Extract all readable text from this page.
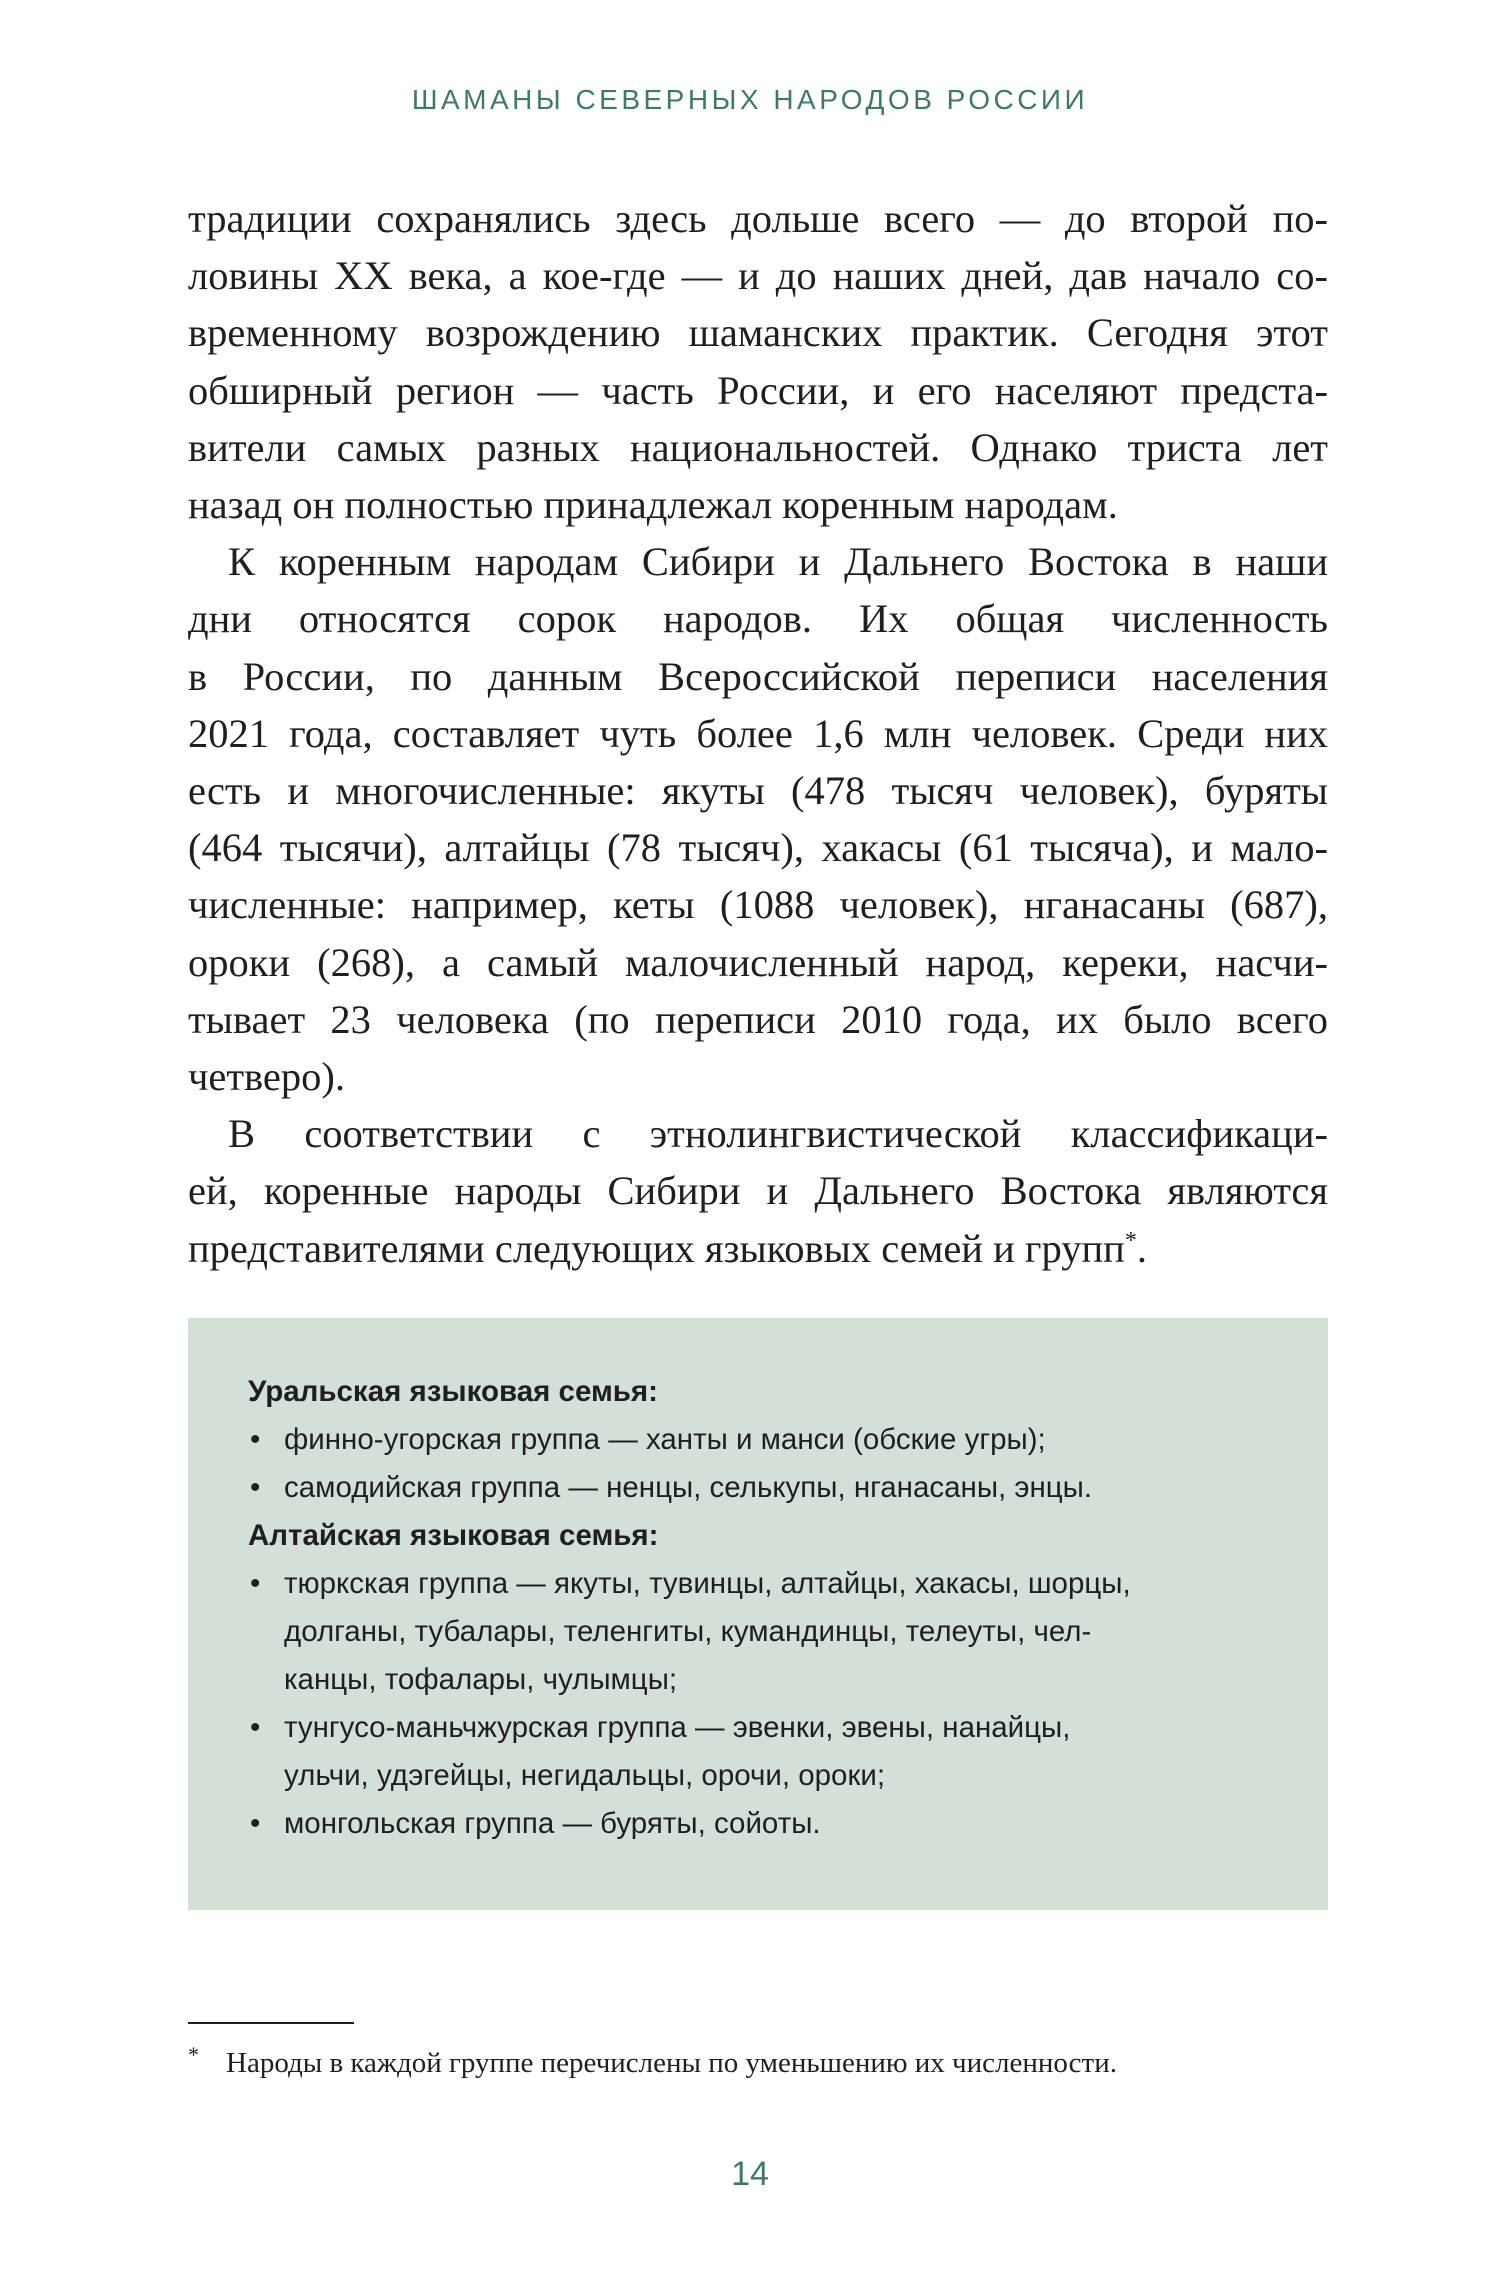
ШАМАНЫ СЕВЕРНЫХ НАРОДОВ РОССИИ

традиции сохранялись здесь дольше всего — до второй по-
ловины XX века, а кое-где — и до наших дней, дав начало со-
временному возрождению шаманских практик. Сегодня этот
обширный регион — часть России, и его населяют предста-
вители самых разных национальностей. Однако триста лет
назад он полностью принадлежал коренным народам.

К коренным народам Сибири и Дальнего Востока в наши
дни относятся сорок народов. Их общая численность
в России, по данным Всероссийской переписи населения
2021 года, составляет чуть более 1,6 млн человек. Среди них
есть и многочисленные: якуты (478 тысяч человек), буряты
(464 тысячи), алтайцы (78 тысяч), хакасы (61 тысяча), и мало-
численные: например, кеты (1088 человек), нганасаны (687),
ороки (268), а самый малочисленный народ, кереки, насчи-
тывает 23 человека (по переписи 2010 года, их было всего
четверо).

В соответствии с этнолингвистической классификаци-
ей, коренные народы Сибири и Дальнего Востока являются
представителями следующих языковых семей и групп*.

Уральская языковая семья:
• финно-угорская группа — ханты и манси (обские угры);
• самодийская группа — ненцы, селькупы, нганасаны, энцы.
Алтайская языковая семья:
• тюркская группа — якуты, тувинцы, алтайцы, хакасы, шорцы,
долганы, тубалары, теленгиты, кумандинцы, телеуты, чел-
канцы, тофалары, чулымцы;
• тунгусо-маньчжурская группа — эвенки, эвены, нанайцы,
ульчи, удэгейцы, негидальцы, орочи, ороки;
• монгольская группа — буряты, сойоты.
* Народы в каждой группе перечислены по уменьшению их численности.
14
